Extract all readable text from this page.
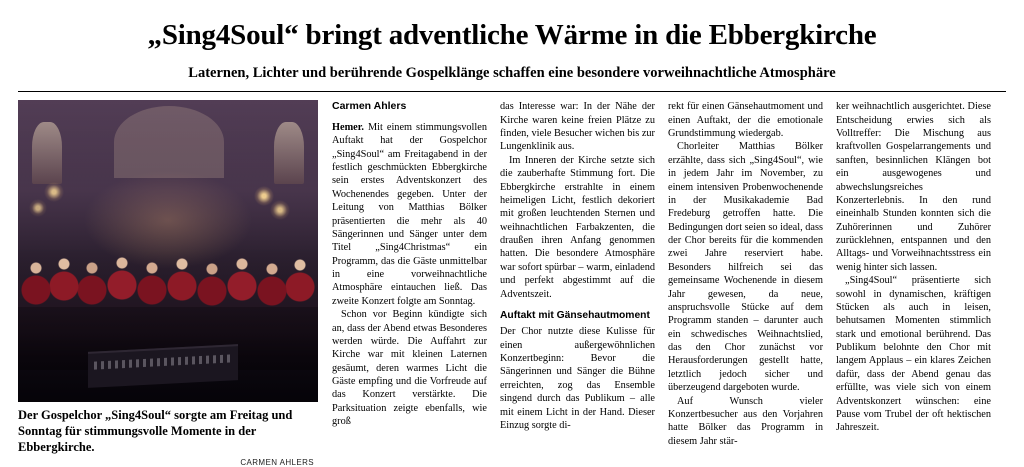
„Sing4Soul“ bringt adventliche Wärme in die Ebbergkirche
Laternen, Lichter und berührende Gospelklänge schaffen eine besondere vorweihnachtliche Atmosphäre
Der Gospelchor „Sing4Soul“ sorgte am Freitag und Sonntag für stimmungsvolle Momente in der Ebbergkirche.
CARMEN AHLERS
Carmen Ahlers

Hemer. Mit einem stimmungsvollen Auftakt hat der Gospelchor „Sing4Soul“ am Freitagabend in der festlich geschmückten Ebbergkirche sein erstes Adventskonzert des Wochenendes gegeben. Unter der Leitung von Matthias Bölker präsentierten die mehr als 40 Sängerinnen und Sänger unter dem Titel „Sing4Christmas“ ein Programm, das die Gäste unmittelbar in eine vorweihnachtliche Atmosphäre eintauchen ließ. Das zweite Konzert folgte am Sonntag.

Schon vor Beginn kündigte sich an, dass der Abend etwas Besonderes werden würde. Die Auffahrt zur Kirche war mit kleinen Laternen gesäumt, deren warmes Licht die Gäste empfing und die Vorfreude auf das Konzert verstärkte. Die Parksituation zeigte ebenfalls, wie groß

das Interesse war: In der Nähe der Kirche waren keine freien Plätze zu finden, viele Besucher wichen bis zur Lungenklinik aus.

Im Inneren der Kirche setzte sich die zauberhafte Stimmung fort. Die Ebbergkirche erstrahlte in einem heimeligen Licht, festlich dekoriert mit großen leuchtenden Sternen und weihnachtlichen Farbakzenten, die draußen ihren Anfang genommen hatten. Die besondere Atmosphäre war sofort spürbar – warm, einladend und perfekt abgestimmt auf die Adventszeit.

Auftakt mit Gänsehautmoment

Der Chor nutzte diese Kulisse für einen außergewöhnlichen Konzertbeginn: Bevor die Sängerinnen und Sänger die Bühne erreichten, zog das Ensemble singend durch das Publikum – alle mit einem Licht in der Hand. Dieser Einzug sorgte di-

rekt für einen Gänsehautmoment und einen Auftakt, der die emotionale Grundstimmung wiedergab.

Chorleiter Matthias Bölker erzählte, dass sich „Sing4Soul“, wie in jedem Jahr im November, zu einem intensiven Probenwochenende in der Musikakademie Bad Fredeburg getroffen hatte. Die Bedingungen dort seien so ideal, dass der Chor bereits für die kommenden zwei Jahre reserviert habe. Besonders hilfreich sei das gemeinsame Wochenende in diesem Jahr gewesen, da neue, anspruchsvolle Stücke auf dem Programm standen – darunter auch ein schwedisches Weihnachtslied, das den Chor zunächst vor Herausforderungen gestellt hatte, letztlich jedoch sicher und überzeugend dargeboten wurde.

Auf Wunsch vieler Konzertbesucher aus den Vorjahren hatte Bölker das Programm in diesem Jahr stär-

ker weihnachtlich ausgerichtet. Diese Entscheidung erwies sich als Volltreffer: Die Mischung aus kraftvollen Gospelarrangements und sanften, besinnlichen Klängen bot ein ausgewogenes und abwechslungsreiches Konzerterlebnis. In den rund eineinhalb Stunden konnten sich die Zuhörerinnen und Zuhörer zurücklehnen, entspannen und den Alltags- und Vorweihnachtsstress ein wenig hinter sich lassen.

„Sing4Soul“ präsentierte sich sowohl in dynamischen, kräftigen Stücken als auch in leisen, behutsamen Momenten stimmlich stark und emotional berührend. Das Publikum belohnte den Chor mit langem Applaus – ein klares Zeichen dafür, dass der Abend genau das erfüllte, was viele sich von einem Adventskonzert wünschen: eine Pause vom Trubel der oft hektischen Jahreszeit.
